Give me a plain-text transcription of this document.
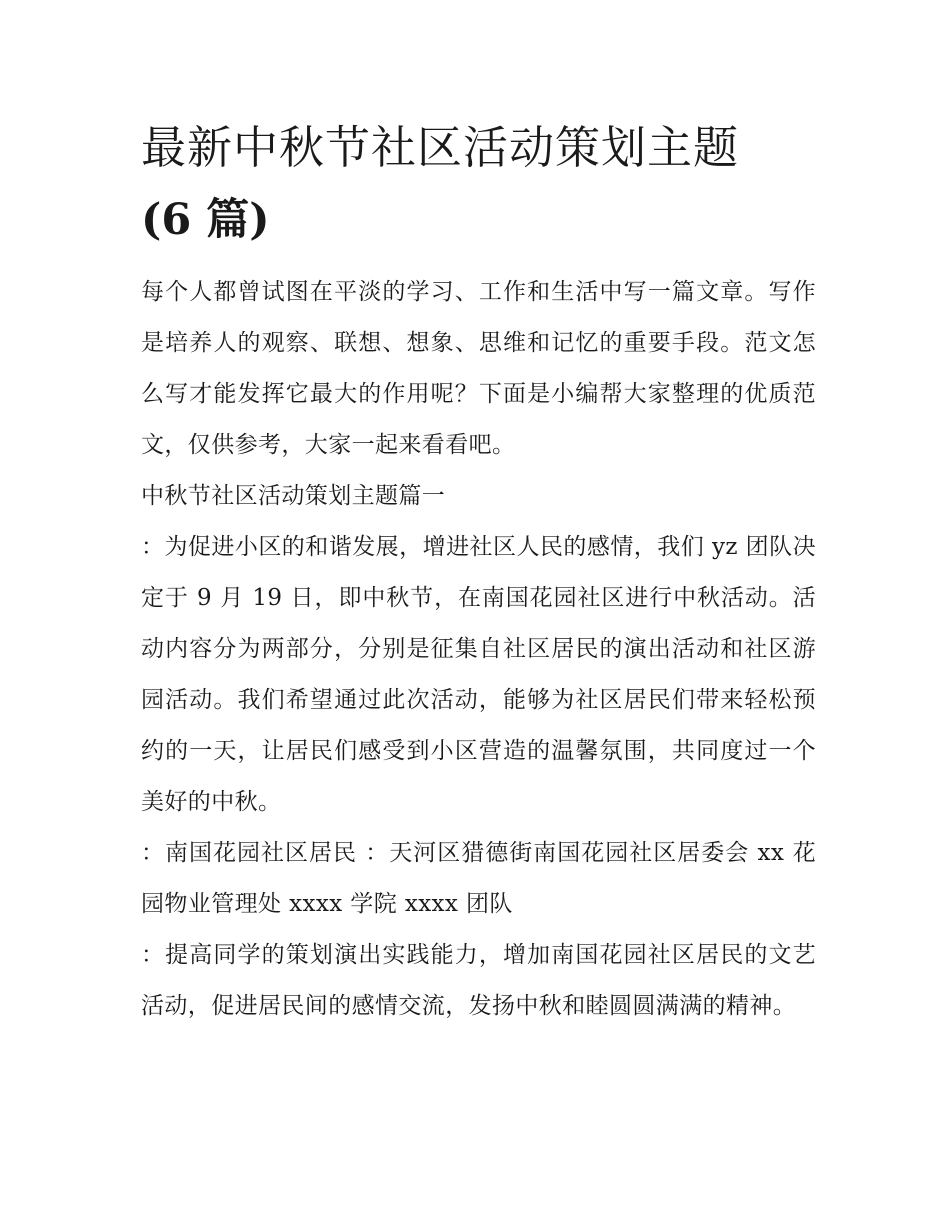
最新中秋节社区活动策划主题
(6 篇)

每个人都曾试图在平淡的学习、工作和生活中写一篇文章。写作是培养人的观察、联想、想象、思维和记忆的重要手段。范文怎么写才能发挥它最大的作用呢？下面是小编帮大家整理的优质范文，仅供参考，大家一起来看看吧。

中秋节社区活动策划主题篇一

：为促进小区的和谐发展，增进社区人民的感情，我们 yz 团队决定于 9 月 19 日，即中秋节，在南国花园社区进行中秋活动。活动内容分为两部分，分别是征集自社区居民的演出活动和社区游园活动。我们希望通过此次活动，能够为社区居民们带来轻松预约的一天，让居民们感受到小区营造的温馨氛围，共同度过一个美好的中秋。

：南国花园社区居民 ：天河区猎德街南国花园社区居委会 xx 花园物业管理处 xxxx 学院 xxxx 团队

：提高同学的策划演出实践能力，增加南国花园社区居民的文艺活动，促进居民间的感情交流，发扬中秋和睦圆圆满满的精神。
